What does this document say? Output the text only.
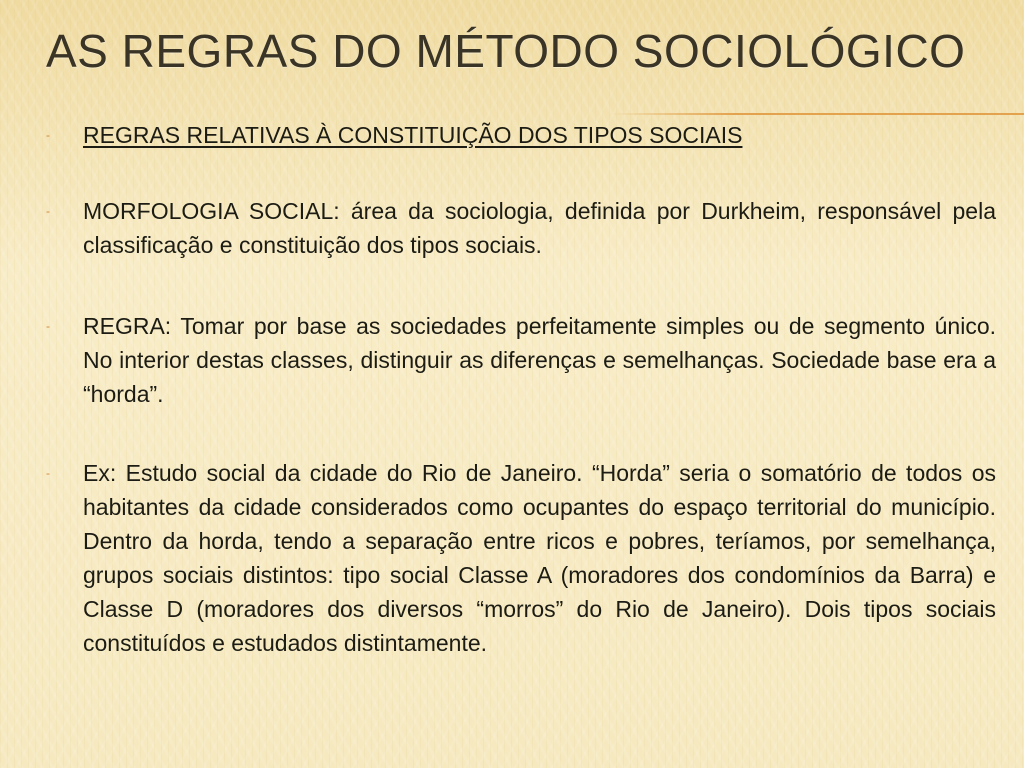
AS REGRAS DO MÉTODO SOCIOLÓGICO
- REGRAS RELATIVAS À CONSTITUIÇÃO DOS TIPOS SOCIAIS
- MORFOLOGIA SOCIAL: área da sociologia, definida por Durkheim, responsável pela classificação e constituição dos tipos sociais.
- REGRA: Tomar por base as sociedades perfeitamente simples ou de segmento único. No interior destas classes, distinguir as diferenças e semelhanças. Sociedade base era a “horda”.
- Ex: Estudo social da cidade do Rio de Janeiro. “Horda” seria o somatório de todos os habitantes da cidade considerados como ocupantes do espaço territorial do município. Dentro da horda, tendo a separação entre ricos e pobres, teríamos, por semelhança, grupos sociais distintos: tipo social Classe A (moradores dos condomínios da Barra) e Classe D (moradores dos diversos “morros” do Rio de Janeiro). Dois tipos sociais constituídos e estudados distintamente.
